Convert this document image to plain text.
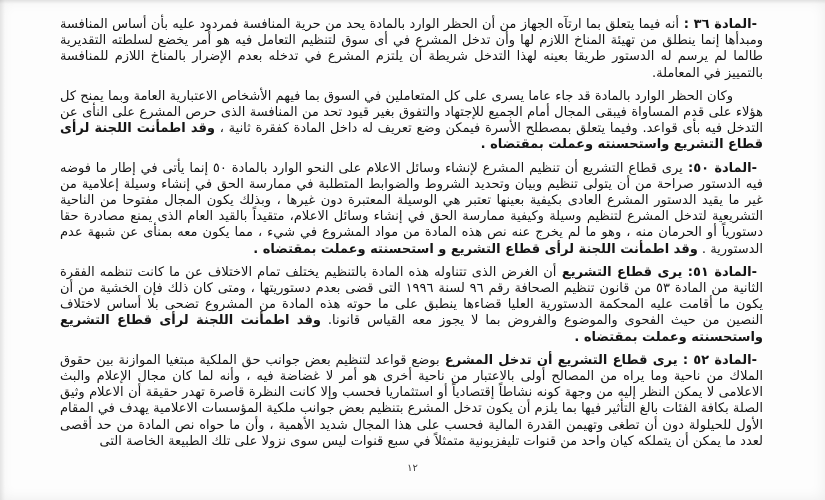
-المادة ٣٦ : أنه فيما يتعلق بما ارتآه الجهاز من أن الحظر الوارد بالمادة يحد من حرية المنافسة فمردود عليه بأن أساس المنافسة ومبدأها إنما ينطلق من تهيئة المناخ اللازم لها وأن تدخل المشرع في أى سوق لتنظيم التعامل فيه هو أمر يخضع لسلطته التقديرية طالما لم يرسم له الدستور طريقا بعينه لهذا التدخل شريطة أن يلتزم المشرع في تدخله بعدم الإضرار بالمناخ اللازم للمنافسة بالتمييز في المعاملة.

وكان الحظر الوارد بالمادة قد جاء عاما يسرى على كل المتعاملين في السوق بما فيهم الأشخاص الاعتبارية العامة وبما يمنح كل هؤلاء على قدم المساواة فيبقى المجال أمام الجميع للإجتهاد والتفوق بغير قيود تحد من المنافسة الذى حرص المشرع على النأى عن التدخل فيه بأى قواعد. وفيما يتعلق بمصطلح الأسرة فيمكن وضع تعريف له داخل المادة كفقرة ثانية ، وقد اطمأنت اللجنة لرأى قطاع التشريع واستحسنته وعملت بمقتضاه .

-المادة ٥٠: يرى قطاع التشريع أن تنظيم المشرع لإنشاء وسائل الاعلام على النحو الوارد بالمادة ٥٠ إنما يأتى في إطار ما فوضه فيه الدستور صراحة من أن يتولى تنظيم وبيان وتحديد الشروط والضوابط المتطلبة في ممارسة الحق في إنشاء وسيلة إعلامية من غير ما يقيد الدستور المشرع العادى بكيفية بعينها تعتبر هي الوسيلة المعتبرة دون غيرها ، وبذلك يكون المجال مفتوحا من الناحية التشريعية لتدخل المشرع لتنظيم وسيلة وكيفية ممارسة الحق في إنشاء وسائل الاعلام، متقيداً بالقيد العام الذى يمنع مصادرة حقا دستورياً أو الحرمان منه ، وهو ما لم يخرج عنه نص هذه المادة من مواد المشروع في شيء ، مما يكون معه بمنأى عن شبهة عدم الدستورية . وقد اطمأنت اللجنة لرأى قطاع التشريع و استحسنته وعملت بمقتضاه .

-المادة ٥١: يرى قطاع التشريع أن الغرض الذى تتناوله هذه المادة بالتنظيم يختلف تمام الاختلاف عن ما كانت تنظمه الفقرة الثانية من المادة ٥٣ من قانون تنظيم الصحافة رقم ٩٦ لسنة ١٩٩٦ التى قضى بعدم دستوريتها ، ومتى كان ذلك فإن الخشية من أن يكون ما أقامت عليه المحكمة الدستورية العليا قضاءها ينطبق على ما حوته هذه المادة من المشروع تضحى بلا أساس لاختلاف النصين من حيث الفحوى والموضوع والفروض بما لا يجوز معه القياس قانونا. وقد اطمأنت اللجنة لرأى قطاع التشريع واستحسنته وعملت بمقتضاه .

-المادة ٥٢ : يرى قطاع التشريع أن تدخل المشرع بوضع قواعد لتنظيم بعض جوانب حق الملكية مبتغيا الموازنة بين حقوق الملاك من ناحية وما يراه من المصالح أولى بالاعتبار من ناحية أخرى هو أمر لا غضاضة فيه ، وأنه لما كان مجال الإعلام والبث الاعلامى لا يمكن النظر إليه من وجهة كونه نشاطاً إقتصادياً أو استثماريا فحسب وإلا كانت النظرة قاصرة تهدر حقيقة أن الاعلام وثيق الصلة بكافة الفئات بالغ التأثير فيها بما يلزم أن يكون تدخل المشرع بتنظيم بعض جوانب ملكية المؤسسات الاعلامية يهدف في المقام الأول للحيلولة دون أن تطغى وتهيمن القدرة المالية فحسب على هذا المجال شديد الأهمية ، وأن ما حواه نص المادة من حد أقصى لعدد ما يمكن أن يتملكه كيان واحد من قنوات تليفزيونية متمثلاً في سبع قنوات ليس سوى نزولا على تلك الطبيعة الخاصة التى

١٢
